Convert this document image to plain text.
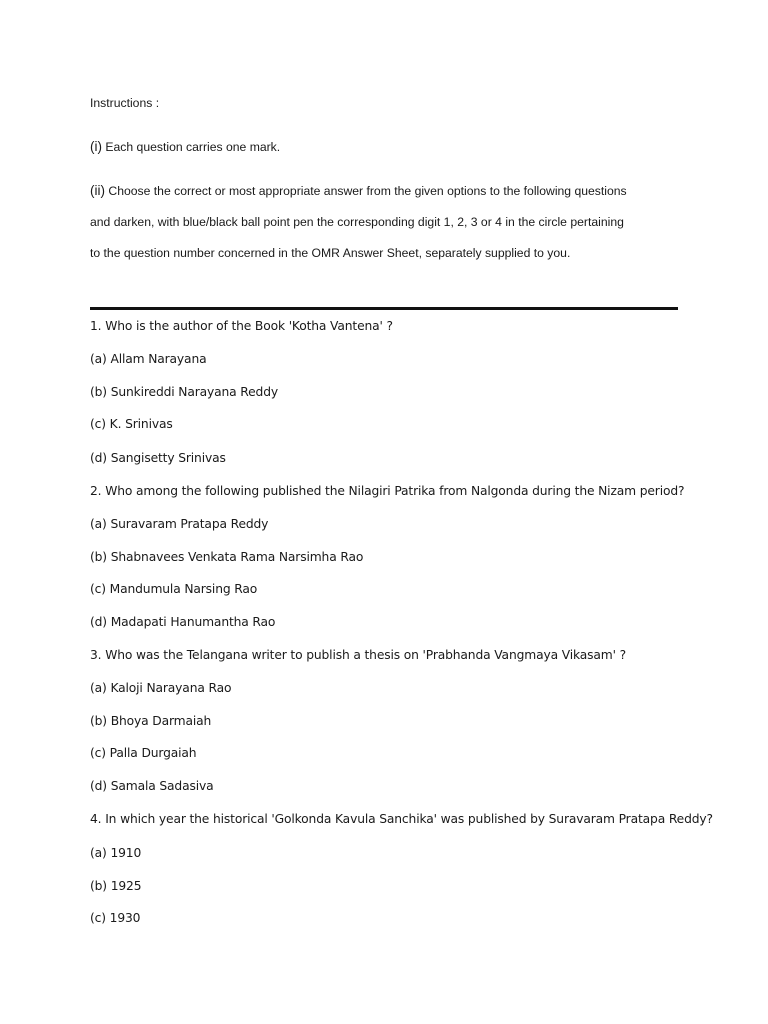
Instructions :
(i) Each question carries one mark.
(ii) Choose the correct or most appropriate answer from the given options to the following questions
and darken, with blue/black ball point pen the corresponding digit 1, 2, 3 or 4 in the circle pertaining
to the question number concerned in the OMR Answer Sheet, separately supplied to you.
1. Who is the author of the Book 'Kotha Vantena' ?
(a) Allam Narayana
(b) Sunkireddi Narayana Reddy
(c) K. Srinivas
(d) Sangisetty Srinivas
2. Who among the following published the Nilagiri Patrika from Nalgonda during the Nizam period?
(a) Suravaram Pratapa Reddy
(b) Shabnavees Venkata Rama Narsimha Rao
(c) Mandumula Narsing Rao
(d) Madapati Hanumantha Rao
3. Who was the Telangana writer to publish a thesis on 'Prabhanda Vangmaya Vikasam' ?
(a) Kaloji Narayana Rao
(b) Bhoya Darmaiah
(c) Palla Durgaiah
(d) Samala Sadasiva
4. In which year the historical 'Golkonda Kavula Sanchika' was published by Suravaram Pratapa Reddy?
(a) 1910
(b) 1925
(c) 1930
